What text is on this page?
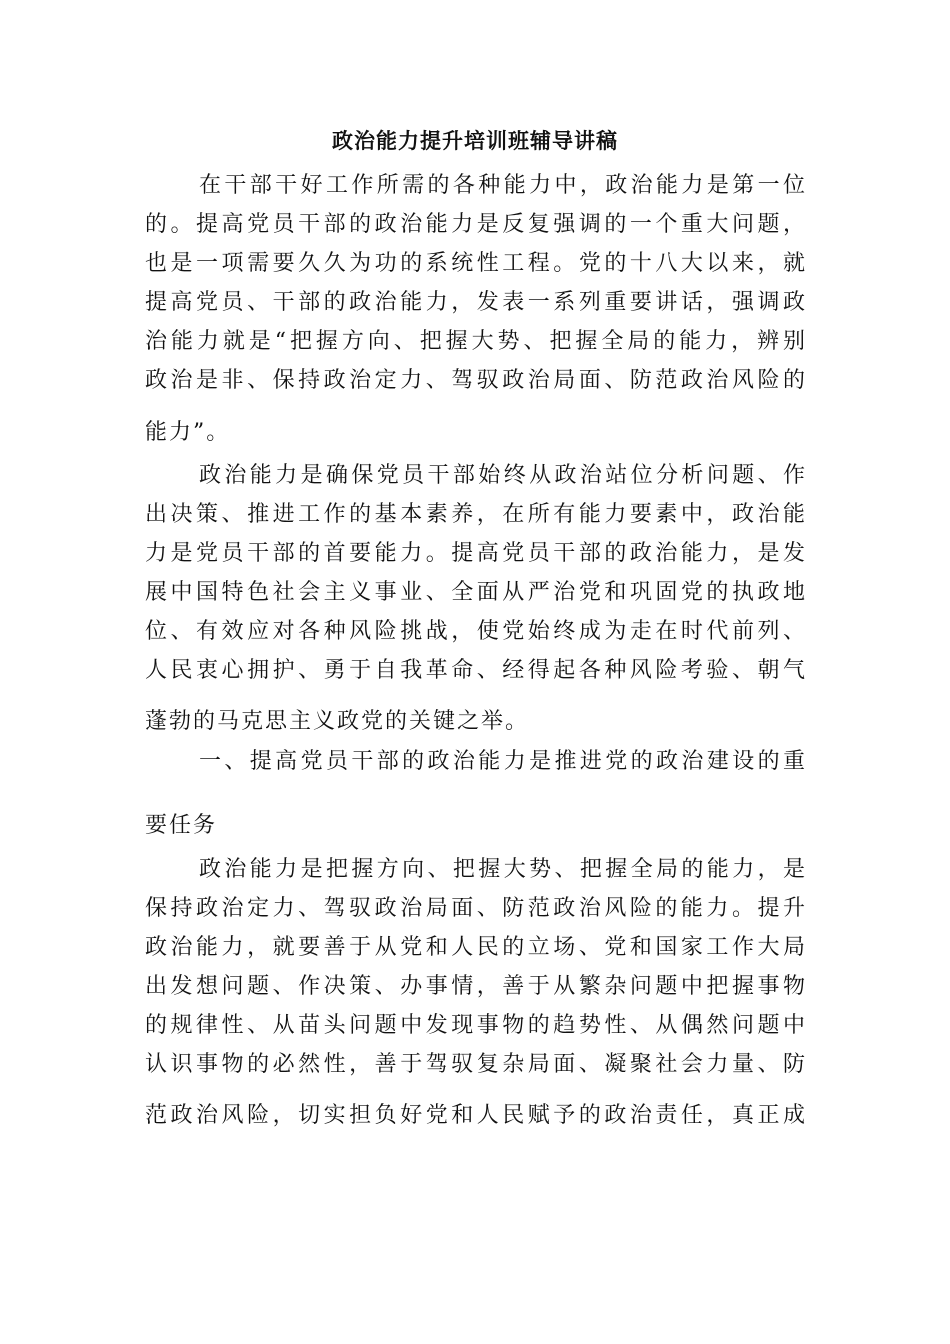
政治能力提升培训班辅导讲稿
在干部干好工作所需的各种能力中，政治能力是第一位
的。提高党员干部的政治能力是反复强调的一个重大问题，
也是一项需要久久为功的系统性工程。党的十八大以来，就
提高党员、干部的政治能力，发表一系列重要讲话，强调政
治能力就是“把握方向、把握大势、把握全局的能力，辨别
政治是非、保持政治定力、驾驭政治局面、防范政治风险的
能力”。
政治能力是确保党员干部始终从政治站位分析问题、作
出决策、推进工作的基本素养，在所有能力要素中，政治能
力是党员干部的首要能力。提高党员干部的政治能力，是发
展中国特色社会主义事业、全面从严治党和巩固党的执政地
位、有效应对各种风险挑战，使党始终成为走在时代前列、
人民衷心拥护、勇于自我革命、经得起各种风险考验、朝气
蓬勃的马克思主义政党的关键之举。
一、提高党员干部的政治能力是推进党的政治建设的重
要任务
政治能力是把握方向、把握大势、把握全局的能力，是
保持政治定力、驾驭政治局面、防范政治风险的能力。提升
政治能力，就要善于从党和人民的立场、党和国家工作大局
出发想问题、作决策、办事情，善于从繁杂问题中把握事物
的规律性、从苗头问题中发现事物的趋势性、从偶然问题中
认识事物的必然性，善于驾驭复杂局面、凝聚社会力量、防
范政治风险，切实担负好党和人民赋予的政治责任，真正成
